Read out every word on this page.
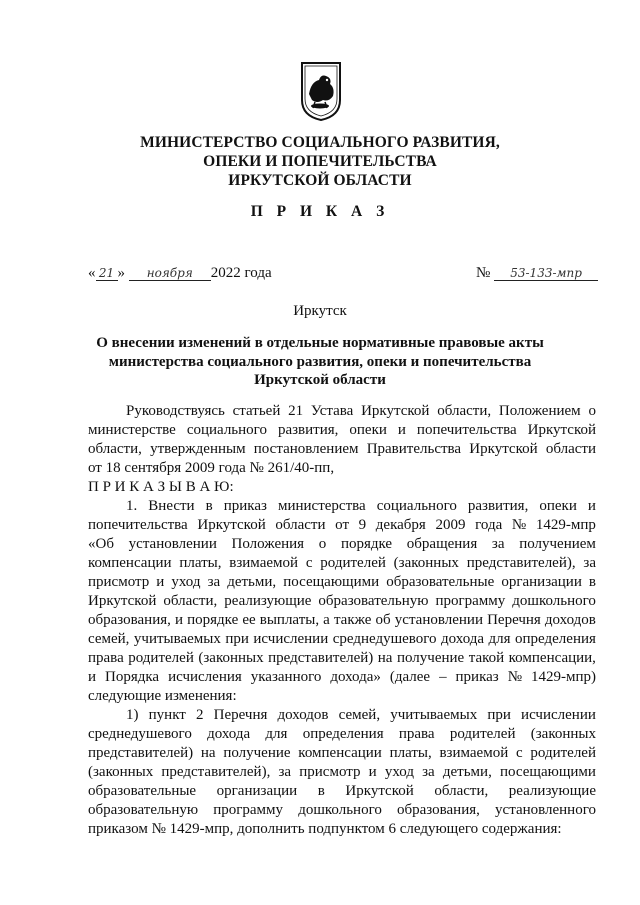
МИНИСТЕРСТВО СОЦИАЛЬНОГО РАЗВИТИЯ,
ОПЕКИ И ПОПЕЧИТЕЛЬСТВА
ИРКУТСКОЙ ОБЛАСТИ
П Р И К А З
« 21 » ноября 2022 года	№ 53-133-мпр
Иркутск
О внесении изменений в отдельные нормативные правовые акты
министерства социального развития, опеки и попечительства
Иркутской области
Руководствуясь статьей 21 Устава Иркутской области, Положением о
министерстве социального развития, опеки и попечительства Иркутской
области, утвержденным постановлением Правительства Иркутской области
от 18 сентября 2009 года № 261/40-пп,
П Р И К А З Ы В А Ю:
1. Внести в приказ министерства социального развития, опеки и
попечительства Иркутской области от 9 декабря 2009 года № 1429-мпр
«Об установлении Положения о порядке обращения за получением
компенсации платы, взимаемой с родителей (законных представителей), за
присмотр и уход за детьми, посещающими образовательные организации в
Иркутской области, реализующие образовательную программу дошкольного
образования, и порядке ее выплаты, а также об установлении Перечня доходов
семей, учитываемых при исчислении среднедушевого дохода для определения
права родителей (законных представителей) на получение такой компенсации,
и Порядка исчисления указанного дохода» (далее – приказ № 1429-мпр)
следующие изменения:
1) пункт 2 Перечня доходов семей, учитываемых при исчислении
среднедушевого дохода для определения права родителей (законных
представителей) на получение компенсации платы, взимаемой с родителей
(законных представителей), за присмотр и уход за детьми, посещающими
образовательные организации в Иркутской области, реализующие
образовательную программу дошкольного образования, установленного
приказом № 1429-мпр, дополнить подпунктом 6 следующего содержания:
